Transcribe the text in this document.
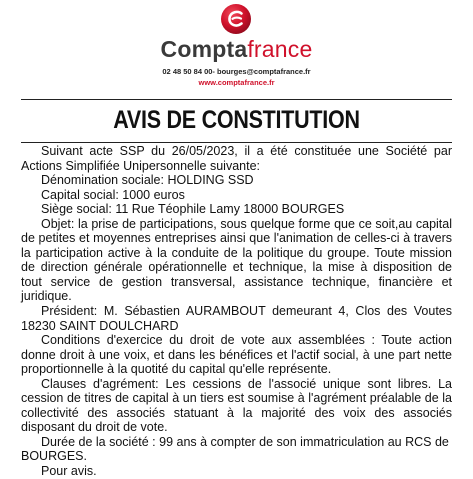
Comptafrance
02 48 50 84 00- bourges@comptafrance.fr
www.comptafrance.fr
AVIS DE CONSTITUTION

Suivant acte SSP du 26/05/2023, il a été constituée une Société par Actions Simplifiée Unipersonnelle suivante:

Dénomination sociale: HOLDING SSD

Capital social: 1000 euros

Siège social: 11 Rue Téophile Lamy 18000 BOURGES

Objet: la prise de participations, sous quelque forme que ce soit,au capital de petites et moyennes entreprises ainsi que l'animation de celles-ci à travers la participation active à la conduite de la politique du groupe. Toute mission de direction générale opérationnelle et technique, la mise à disposition de tout service de gestion transversal, assistance technique, financière et juridique.

Président: M. Sébastien AURAMBOUT demeurant 4, Clos des Voutes 18230 SAINT DOULCHARD

Conditions d'exercice du droit de vote aux assemblées : Toute action donne droit à une voix, et dans les bénéfices et l'actif social, à une part nette proportionnelle à la quotité du capital qu'elle représente.

Clauses d'agrément: Les cessions de l'associé unique sont libres. La cession de titres de capital à un tiers est soumise à l'agrément préalable de la collectivité des associés statuant à la majorité des voix des associés disposant du droit de vote.

Durée de la société : 99 ans à compter de son immatriculation au RCS de BOURGES.

Pour avis.
